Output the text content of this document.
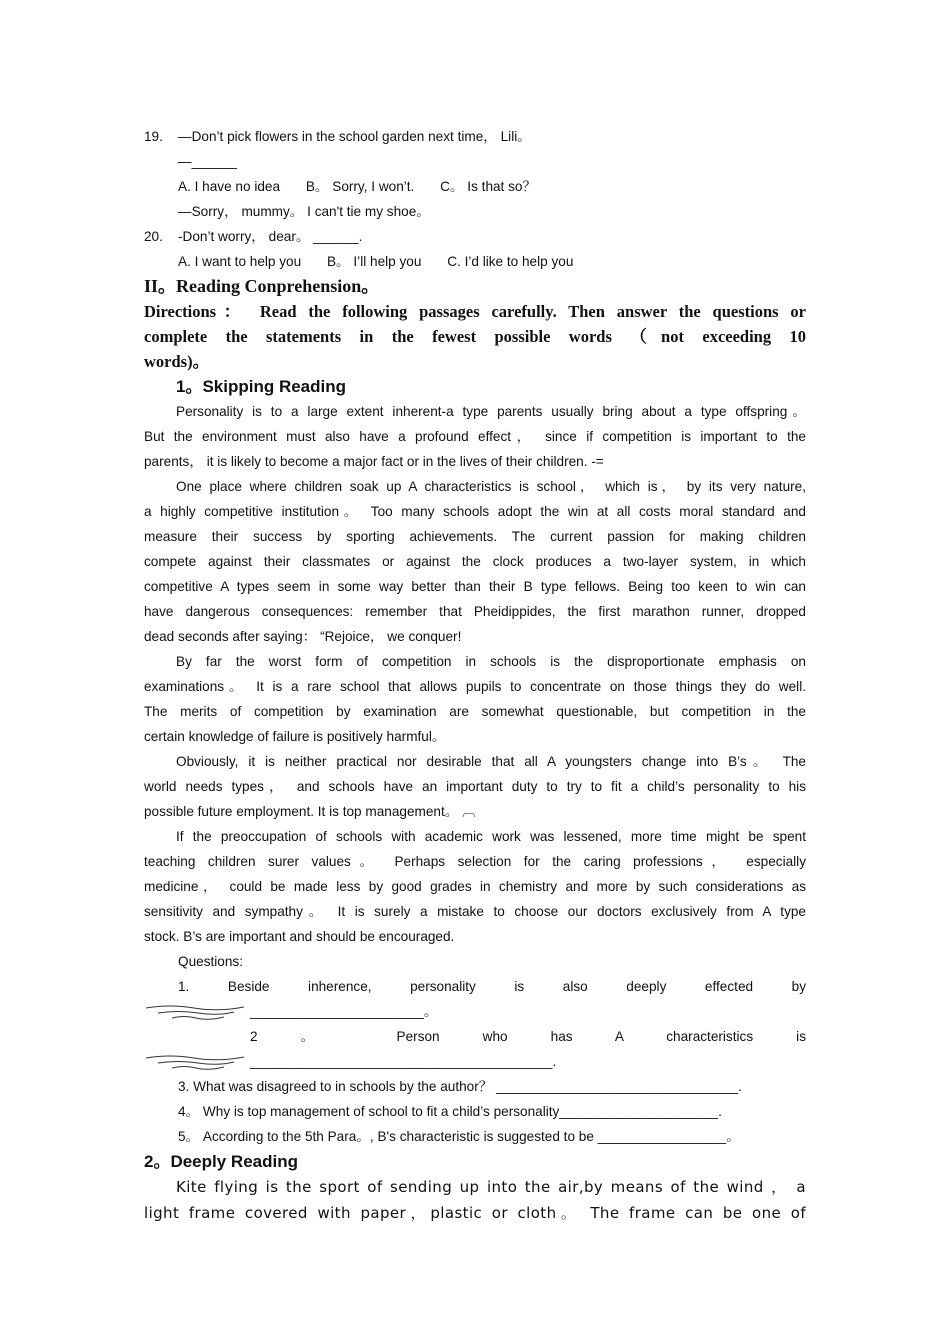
19. —Don’t pick flowers in the school garden next time， Lili。
—______
A. I have no idea B。 Sorry, I won’t. C。 Is that so？
—Sorry， mummy。 I can't tie my shoe。
20. -Don’t worry， dear。 ______.
A. I want to help you B。 I’ll help you C. I’d like to help you
II。Reading Conprehension。
Directions： Read the following passages carefully. Then answer the questions or
complete the statements in the fewest possible words （not exceeding 10
words)。
1。Skipping Reading
Personality is to a large extent inherent-a type parents usually bring about a type offspring。
But the environment must also have a profound effect， since if competition is important to the
parents， it is likely to become a major fact or in the lives of their children. -=
One place where children soak up A characteristics is school， which is， by its very nature,
a highly competitive institution。 Too many schools adopt the win at all costs moral standard and
measure their success by sporting achievements. The current passion for making children
compete against their classmates or against the clock produces a two-layer system, in which
competitive A types seem in some way better than their B type fellows. Being too keen to win can
have dangerous consequences: remember that Pheidippides, the first marathon runner, dropped
dead seconds after saying： “Rejoice， we conquer!
By far the worst form of competition in schools is the disproportionate emphasis on
examinations。 It is a rare school that allows pupils to concentrate on those things they do well.
The merits of competition by examination are somewhat questionable, but competition in the
certain knowledge of failure is positively harmful。
Obviously, it is neither practical nor desirable that all A youngsters change into B’s。 The
world needs types， and schools have an important duty to try to fit a child’s personality to his
possible future employment. It is top management。 ︹
If the preoccupation of schools with academic work was lessened, more time might be spent
teaching children surer values。 Perhaps selection for the caring professions， especially
medicine， could be made less by good grades in chemistry and more by such considerations as
sensitivity and sympathy。 It is surely a mistake to choose our doctors exclusively from A type
stock. B’s are important and should be encouraged.
Questions:
1. Beside inherence, personality is also deeply effected by
_______________________。
2 。 Person who has A characteristics is
________________________________________.
3. What was disagreed to in schools by the author？ ________________________________.
4。 Why is top management of school to fit a child’s personality_____________________.
5。 According to the 5th Para。, B's characteristic is suggested to be _________________。
2。Deeply Reading
Kite flying is the sport of sending up into the air,by means of the wind ， a
light frame covered with paper，plastic or cloth。 The frame can be one of
